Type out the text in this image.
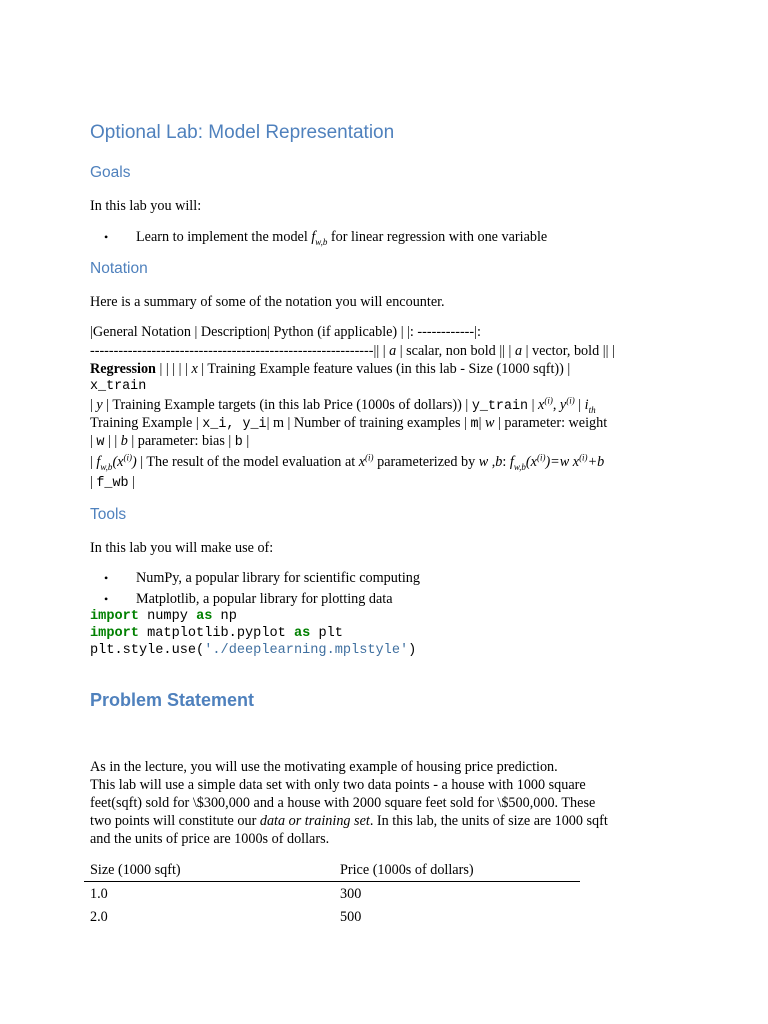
Optional Lab: Model Representation
Goals

In this lab you will:

• Learn to implement the model $f_{w,b}$ for linear regression with one variable
Notation

Here is a summary of some of the notation you will encounter.

|General Notation | Description| Python (if applicable) | |: ------------|:
------------------------------------------------------------|| | a | scalar, non bold || | a | vector, bold || |
Regression | | | | | x | Training Example feature values (in this lab - Size (1000 sqft)) |
x_train
| y | Training Example targets (in this lab Price (1000s of dollars)) | y_train | $x^{(i)}$, $y^{(i)}$ | $i_{th}$
Training Example | x_i, y_i| m | Number of training examples | m| w | parameter: weight
| w | | b | parameter: bias | b |
| $f_{w,b}(x^{(i)})$ | The result of the model evaluation at $x^{(i)}$ parameterized by w ,b: $f_{w,b}(x^{(i)})=w$ $x^{(i)}+b$
| f_wb |
Tools

In this lab you will make use of:

• NumPy, a popular library for scientific computing
• Matplotlib, a popular library for plotting data
import numpy as np
import matplotlib.pyplot as plt
plt.style.use('./deeplearning.mplstyle')
Problem Statement
As in the lecture, you will use the motivating example of housing price prediction.
This lab will use a simple data set with only two data points - a house with 1000 square
feet(sqft) sold for \$300,000 and a house with 2000 square feet sold for \$500,000. These
two points will constitute our data or training set. In this lab, the units of size are 1000 sqft
and the units of price are 1000s of dollars.
Size (1000 sqft)	Price (1000s of dollars)
1.0	300
2.0	500
